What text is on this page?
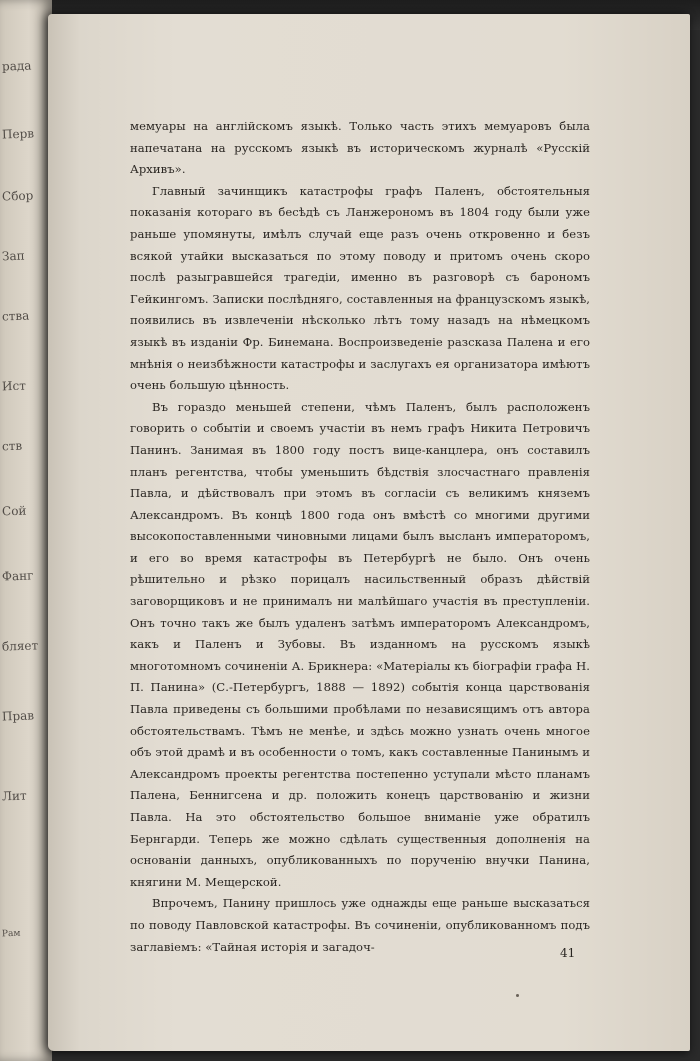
рада
Перв
Сбор
Зап
ства
Ист
ств
Сой
Фанг
бляет
Прав
Лит
Рам

мемуары на англійскомъ языкѣ. Только часть этихъ мемуаровъ была напечатана на русскомъ языкѣ въ историческомъ журналѣ «Русскій Архивъ».

Главный зачинщикъ катастрофы графъ Паленъ, обстоятельныя показанія котораго въ бесѣдѣ съ Ланжерономъ въ 1804 году были уже раньше упомянуты, имѣлъ случай еще разъ очень откровенно и безъ всякой утайки высказаться по этому поводу и притомъ очень скоро послѣ разыгравшейся трагедіи, именно въ разговорѣ съ барономъ Гейкингомъ. Записки послѣдняго, составленныя на французскомъ языкѣ, появились въ извлеченіи нѣсколько лѣтъ тому назадъ на нѣмецкомъ языкѣ въ изданіи Фр. Бинемана. Воспроизведеніе разсказа Палена и его мнѣнія о неизбѣжности катастрофы и заслугахъ ея организатора имѣютъ очень большую цѣнность.

Въ гораздо меньшей степени, чѣмъ Паленъ, былъ расположенъ говорить о событіи и своемъ участіи въ немъ графъ Никита Петровичъ Панинъ. Занимая въ 1800 году постъ вице-канцлера, онъ составилъ планъ регентства, чтобы уменьшить бѣдствія злосчастнаго правленія Павла, и дѣйствовалъ при этомъ въ согласіи съ великимъ княземъ Александромъ. Въ концѣ 1800 года онъ вмѣстѣ со многими другими высокопоставленными чиновными лицами былъ высланъ императоромъ, и его во время катастрофы въ Петербургѣ не было. Онъ очень рѣшительно и рѣзко порицалъ насильственный образъ дѣйствій заговорщиковъ и не принималъ ни малѣйшаго участія въ преступленіи. Онъ точно такъ же былъ удаленъ затѣмъ императоромъ Александромъ, какъ и Паленъ и Зубовы. Въ изданномъ на русскомъ языкѣ многотомномъ сочиненіи А. Брикнера: «Матеріалы къ біографіи графа Н. П. Панина» (С.-Петербургъ, 1888 — 1892) событія конца царствованія Павла приведены съ большими пробѣлами по независящимъ отъ автора обстоятельствамъ. Тѣмъ не менѣе, и здѣсь можно узнать очень многое объ этой драмѣ и въ особенности о томъ, какъ составленные Панинымъ и Александромъ проекты регентства постепенно уступали мѣсто планамъ Палена, Беннигсена и др. положить конецъ царствованію и жизни Павла. На это обстоятельство большое вниманіе уже обратилъ Бернгарди. Теперь же можно сдѣлать существенныя дополненія на основаніи данныхъ, опубликованныхъ по порученію внучки Панина, княгини М. Мещерской.

Впрочемъ, Панину пришлось уже однажды еще раньше высказаться по поводу Павловской катастрофы. Въ сочиненіи, опубликованномъ подъ заглавіемъ: «Тайная исторія и загадоч-	41
